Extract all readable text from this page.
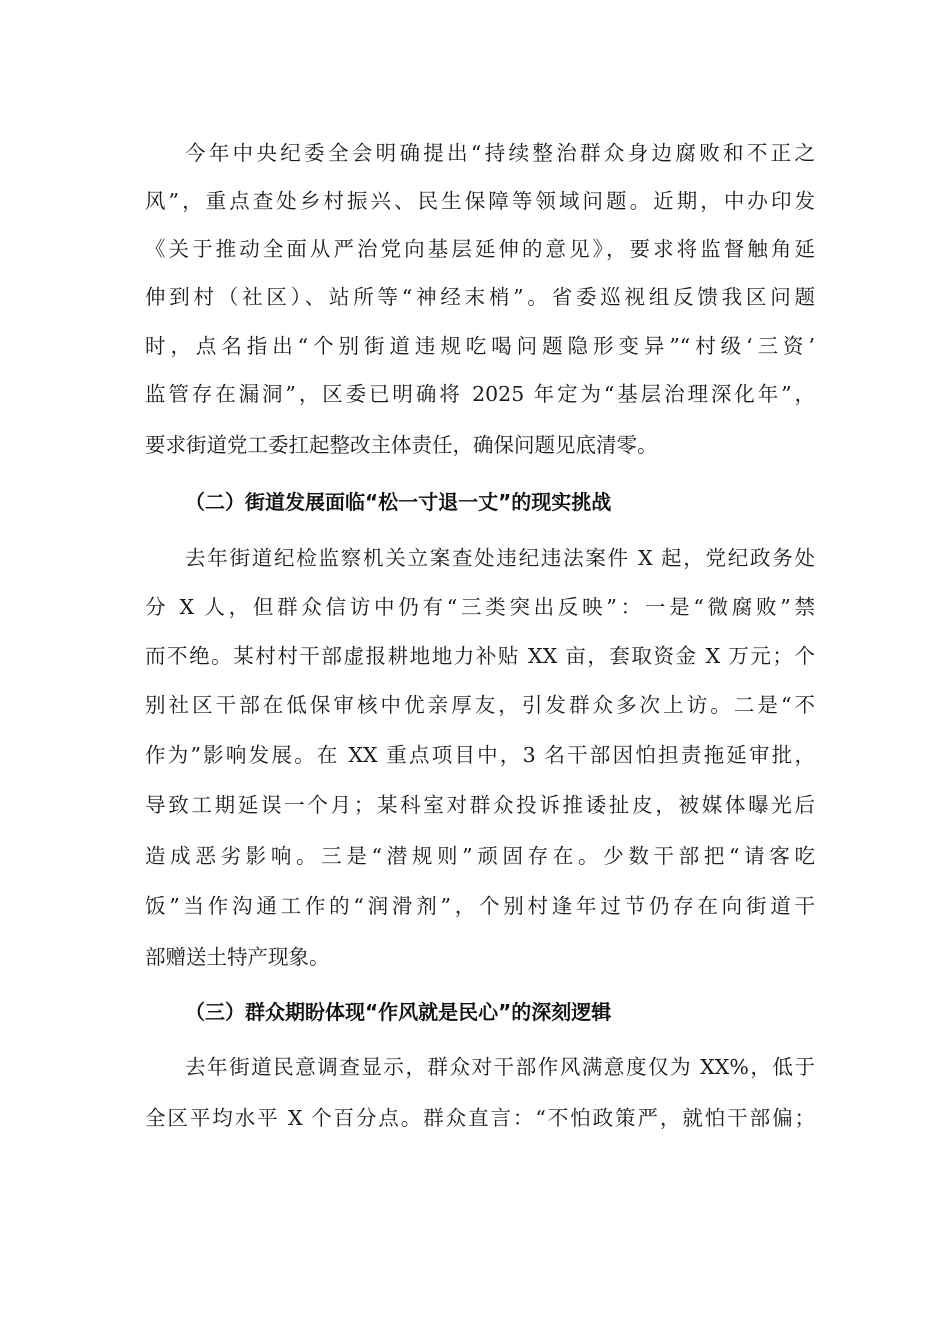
今年中央纪委全会明确提出“持续整治群众身边腐败和不正之
风”，重点查处乡村振兴、民生保障等领域问题。近期，中办印发
《关于推动全面从严治党向基层延伸的意见》，要求将监督触角延
伸到村（社区）、站所等“神经末梢”。省委巡视组反馈我区问题
时，点名指出“个别街道违规吃喝问题隐形变异”“村级‘三资’
监管存在漏洞”，区委已明确将 2025 年定为“基层治理深化年”，
要求街道党工委扛起整改主体责任，确保问题见底清零。
（二）街道发展面临“松一寸退一丈”的现实挑战
去年街道纪检监察机关立案查处违纪违法案件 X 起，党纪政务处
分 X 人，但群众信访中仍有“三类突出反映”：一是“微腐败”禁
而不绝。某村村干部虚报耕地地力补贴 XX 亩，套取资金 X 万元；个
别社区干部在低保审核中优亲厚友，引发群众多次上访。二是“不
作为”影响发展。在 XX 重点项目中，3 名干部因怕担责拖延审批，
导致工期延误一个月；某科室对群众投诉推诿扯皮，被媒体曝光后
造成恶劣影响。三是“潜规则”顽固存在。少数干部把“请客吃
饭”当作沟通工作的“润滑剂”，个别村逢年过节仍存在向街道干
部赠送土特产现象。
（三）群众期盼体现“作风就是民心”的深刻逻辑
去年街道民意调查显示，群众对干部作风满意度仅为 XX%，低于
全区平均水平 X 个百分点。群众直言：“不怕政策严，就怕干部偏；
